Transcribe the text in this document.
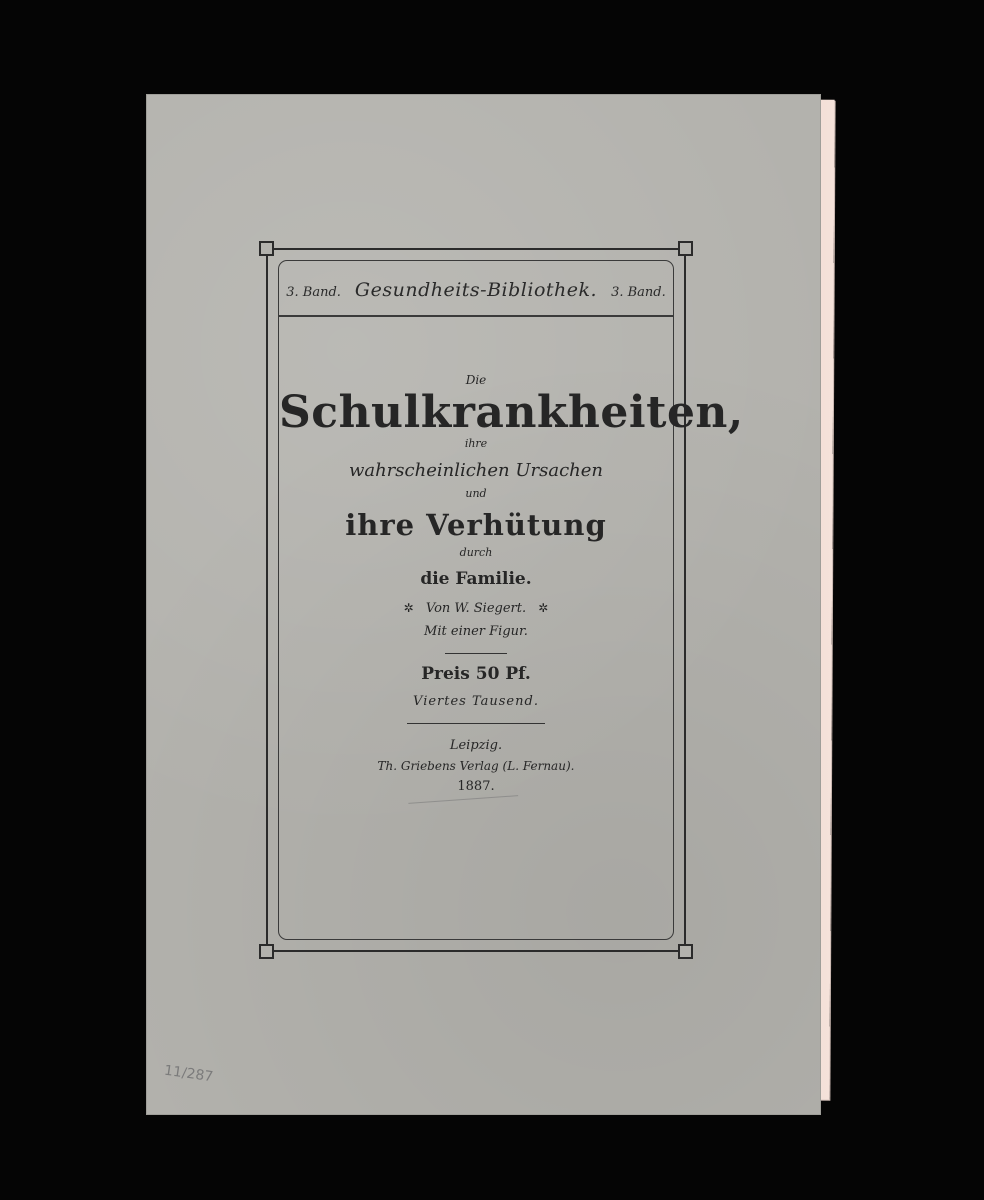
3. Band. Gesundheits-Bibliothek. 3. Band.
Die
Schulkrankheiten,
ihre
wahrscheinlichen Ursachen
und
ihre Verhütung
durch
die Familie.
✲ Von W. Siegert. ✲
Mit einer Figur.
Preis 50 Pf.
Viertes Tausend.
Leipzig.
Th. Griebens Verlag (L. Fernau).
1887.
11/287
